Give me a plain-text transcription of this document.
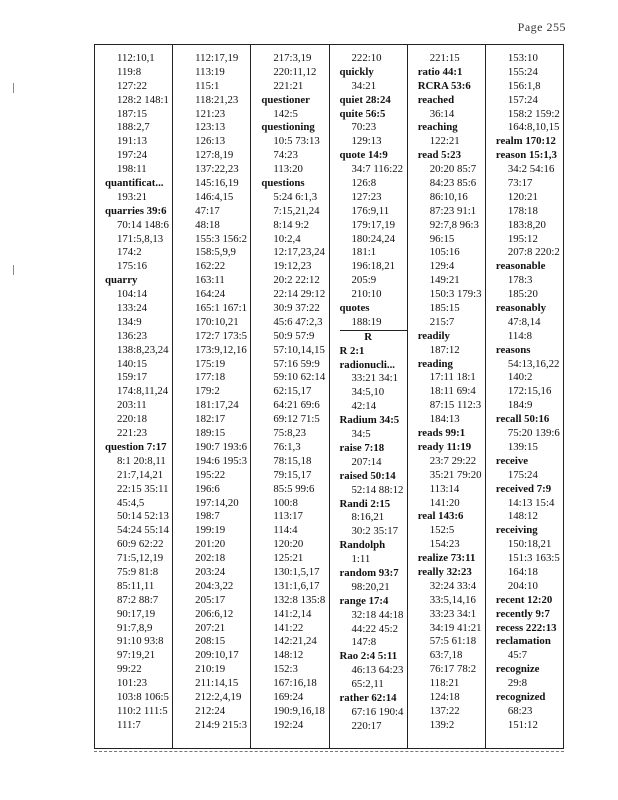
Page 255
112:10,1
119:8
127:22
128:2 148:1
187:15
188:2,7
191:13
197:24
198:11
quantificat...
193:21
quarries 39:6
70:14 148:6
171:5,8,13
174:2
175:16
quarry
104:14
133:24
134:9
136:23
138:8,23,24
140:15
159:17
174:8,11,24
203:11
220:18
221:23
question 7:17
8:1 20:8,11
21:7,14,21
22:15 35:11
45:4,5
50:14 52:13
54:24 55:14
60:9 62:22
71:5,12,19
75:9 81:8
85:11,11
87:2 88:7
90:17,19
91:7,8,9
91:10 93:8
97:19,21
99:22
101:23
103:8 106:5
110:2 111:5
111:7
112:17,19
113:19
115:1
118:21,23
121:23
123:13
126:13
127:8,19
137:22,23
145:16,19
146:4,15
47:17
48:18
155:3 156:2
158:5,9,9
162:22
163:11
164:24
165:1 167:1
170:10,21
172:7 173:5
173:9,12,16
175:19
177:18
179:2
181:17,24
182:17
189:15
190:7 193:6
194:6 195:3
195:22
196:6
197:14,20
198:7
199:19
201:20
202:18
203:24
204:3,22
205:17
206:6,12
207:21
208:15
209:10,17
210:19
211:14,15
212:2,4,19
212:24
214:9 215:3
217:3,19
220:11,12
221:21
questioner
142:5
questioning
10:5 73:13
74:23
113:20
questions
5:24 6:1,3
7:15,21,24
8:14 9:2
10:2,4
12:17,23,24
19:12,23
20:2 22:12
22:14 29:12
30:9 37:22
45:6 47:2,3
50:9 57:9
57:10,14,15
57:16 59:9
59:10 62:14
62:15,17
64:21 69:6
69:12 71:5
75:8,23
76:1,3
78:15,18
79:15,17
85:5 99:6
100:8
113:17
114:4
120:20
125:21
130:1,5,17
131:1,6,17
132:8 135:8
141:2,14
141:22
142:21,24
148:12
152:3
167:16,18
169:24
190:9,16,18
192:24
222:10
quickly
34:21
quiet 28:24
quite 56:5
70:23
129:13
quote 14:9
34:7 116:22
126:8
127:23
176:9,11
179:17,19
180:24,24
181:1
196:18,21
205:9
210:10
quotes
188:19
R
R 2:1
radionucli...
33:21 34:1
34:5,10
42:14
Radium 34:5
34:5
raise 7:18
207:14
raised 50:14
52:14 88:12
Randi 2:15
8:16,21
30:2 35:17
Randolph
1:11
random 93:7
98:20,21
range 17:4
32:18 44:18
44:22 45:2
147:8
Rao 2:4 5:11
46:13 64:23
65:2,11
rather 62:14
67:16 190:4
220:17
221:15
ratio 44:1
RCRA 53:6
reached
36:14
reaching
122:21
read 5:23
20:20 85:7
84:23 85:6
86:10,16
87:23 91:1
92:7,8 96:3
96:15
105:16
129:4
149:21
150:3 179:3
185:15
215:7
readily
187:12
reading
17:11 18:1
18:11 69:4
87:15 112:3
184:13
reads 99:1
ready 11:19
23:7 29:22
35:21 79:20
113:14
141:20
real 143:6
152:5
154:23
realize 73:11
really 32:23
32:24 33:4
33:5,14,16
33:23 34:1
34:19 41:21
57:5 61:18
63:7,18
76:17 78:2
118:21
124:18
137:22
139:2
153:10
155:24
156:1,8
157:24
158:2 159:2
164:8,10,15
realm 170:12
reason 15:1,3
34:2 54:16
73:17
120:21
178:18
183:8,20
195:12
207:8 220:2
reasonable
178:3
185:20
reasonably
47:8,14
114:8
reasons
54:13,16,22
140:2
172:15,16
184:9
recall 50:16
75:20 139:6
139:15
receive
175:24
received 7:9
14:13 15:4
148:12
receiving
150:18,21
151:3 163:5
164:18
204:10
recent 12:20
recently 9:7
recess 222:13
reclamation
45:7
recognize
29:8
recognized
68:23
151:12
